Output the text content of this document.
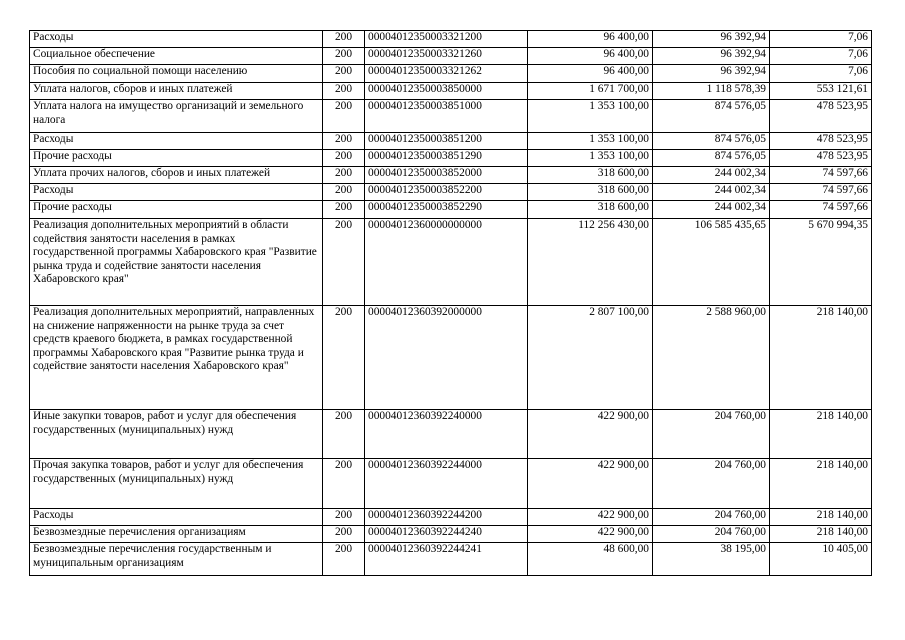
Расходы	200	00004012350003321200	96 400,00	96 392,94	7,06
Социальное обеспечение	200	00004012350003321260	96 400,00	96 392,94	7,06
Пособия по социальной помощи населению	200	00004012350003321262	96 400,00	96 392,94	7,06
Уплата налогов, сборов и иных платежей	200	00004012350003850000	1 671 700,00	1 118 578,39	553 121,61
Уплата налога на имущество организаций и земельного налога	200	00004012350003851000	1 353 100,00	874 576,05	478 523,95
Расходы	200	00004012350003851200	1 353 100,00	874 576,05	478 523,95
Прочие расходы	200	00004012350003851290	1 353 100,00	874 576,05	478 523,95
Уплата прочих налогов, сборов и иных платежей	200	00004012350003852000	318 600,00	244 002,34	74 597,66
Расходы	200	00004012350003852200	318 600,00	244 002,34	74 597,66
Прочие расходы	200	00004012350003852290	318 600,00	244 002,34	74 597,66
Реализация дополнительных мероприятий в области содействия занятости населения в рамках государственной программы Хабаровского края "Развитие рынка труда и содействие занятости населения Хабаровского края"	200	00004012360000000000	112 256 430,00	106 585 435,65	5 670 994,35
Реализация дополнительных мероприятий, направленных на снижение напряженности на рынке труда за счет средств краевого бюджета, в рамках государственной программы Хабаровского края "Развитие рынка труда и содействие занятости населения Хабаровского края"	200	00004012360392000000	2 807 100,00	2 588 960,00	218 140,00
Иные закупки товаров, работ и услуг для обеспечения государственных (муниципальных) нужд	200	00004012360392240000	422 900,00	204 760,00	218 140,00
Прочая закупка товаров, работ и услуг для обеспечения государственных (муниципальных) нужд	200	00004012360392244000	422 900,00	204 760,00	218 140,00
Расходы	200	00004012360392244200	422 900,00	204 760,00	218 140,00
Безвозмездные перечисления организациям	200	00004012360392244240	422 900,00	204 760,00	218 140,00
Безвозмездные перечисления государственным и муниципальным организациям	200	00004012360392244241	48 600,00	38 195,00	10 405,00
